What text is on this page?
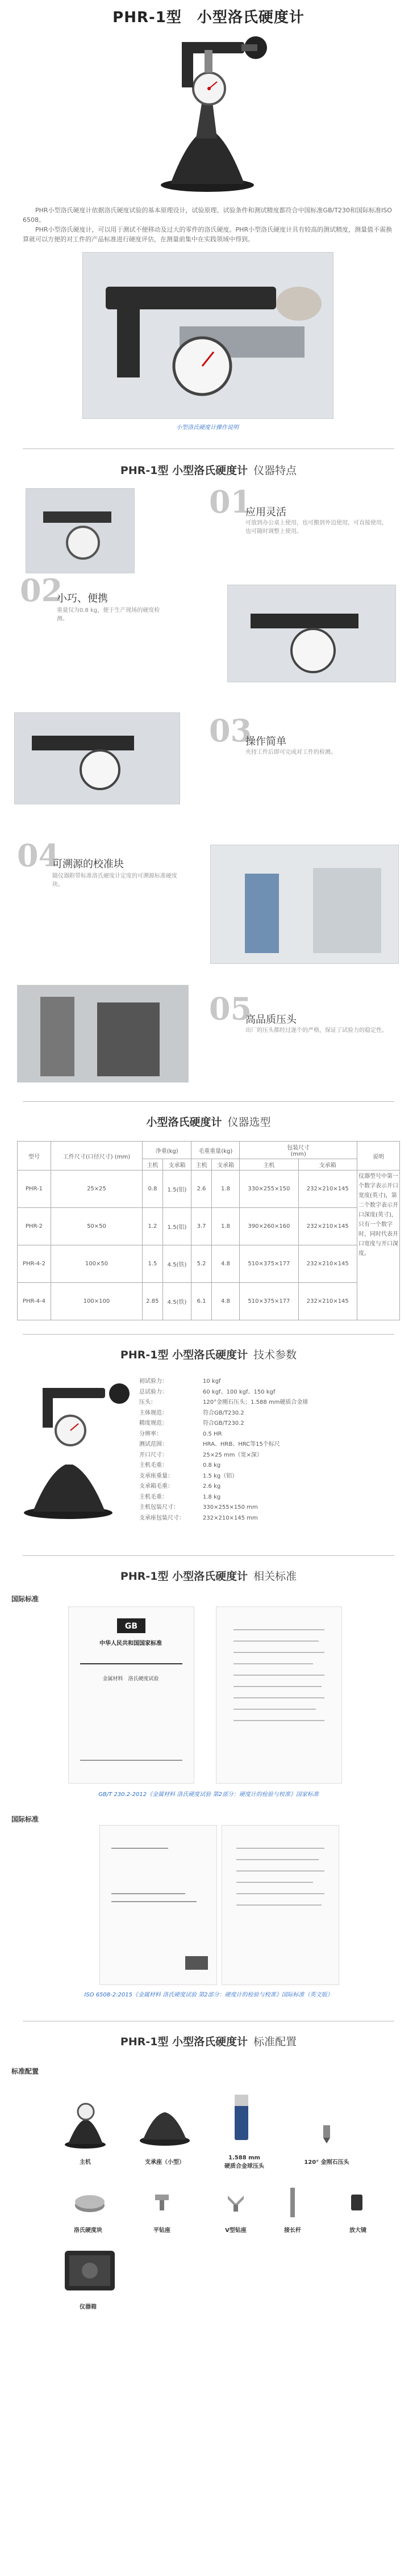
PHR-1型　小型洛氏硬度计

PHR小型洛氏硬度计依据洛氏硬度试验的基本原理设计，试验原理、试验条件和测试精度都符合中国标准GB/T230和国际标准ISO 6508。

PHR小型洛氏硬度计，可以用于测试不便移动及过大的零件的洛氏硬度。PHR小型洛氏硬度计具有较高的测试精度，测量值不需换算就可以方便的对工件的产品标准进行硬度评估，在测量前集中在实践领域中得到。

小型洛氏硬度计操作说明
PHR-1型 小型洛氏硬度计 仪器特点
01
应用灵活
可放到办公桌上使用，也可搬到外边使用，可直接使用，也可随时调整上使用。
02
小巧、便携
重量仅为0.8 kg，便于生产现场的硬度检测。
03
操作简单
夹持工件后即可完成对工件的检测。
04
可溯源的校准块
随仪器附带标准洛氏硬度计定度的可溯源标准硬度块。
05
高品质压头
出厂的压头都经过逐个的严格，保证了试验力的稳定性。
小型洛氏硬度计 仪器选型
型号	工件尺寸(口径尺寸) (mm)	净重(kg)		毛重重量(kg)		包装尺寸
(mm)		说明
		主机	支承箱	主机	支承箱	主机	支承箱	
PHR-1	25×25	0.8	1.5(铝)	2.6	1.8	330×255×150	232×210×145	仪器型号中第一个数字表示开口宽度(英寸)，第二个数字表示开口深度(英寸)，只有一个数字时，同时代表开口宽度与开口深度。
PHR-2	50×50	1.2	1.5(铝)	3.7	1.8	390×260×160	232×210×145	
PHR-4-2	100×50	1.5	4.5(铁)	5.2	4.8	510×375×177	232×210×145	
PHR-4-4	100×100	2.85	4.5(铁)	6.1	4.8	510×375×177	232×210×145	
PHR-1型 小型洛氏硬度计 技术参数
初试验力：	10 kgf
总试验力：	60 kgf、100 kgf、150 kgf
压头：	120°金刚石压头；1.588 mm硬质合金球
主体规范：	符合GB/T230.2
精度规范：	符合GB/T230.2
分辨率：	0.5 HR
测试范围：	HRA、HRB、HRC等15个标尺
开口尺寸：	25×25 mm（宽×深）
主机毛重：	0.8 kg
支承座重量：	1.5 kg（铝）
支承箱毛重：	2.6 kg
主机毛重：	1.8 kg
主机包装尺寸：	330×255×150 mm
支承座包装尺寸：	232×210×145 mm
PHR-1型 小型洛氏硬度计 相关标准
国际标准
GB
中华人民共和国国家标准
金属材料　洛氏硬度试验
GB/T 230.2-2012《金属材料 洛氏硬度试验 第2部分：硬度计的检验与校准》国家标准
国际标准
ISO 6508-2:2015《金属材料 洛氏硬度试验 第2部分：硬度计的检验与校准》国际标准（英文版）
PHR-1型 小型洛氏硬度计 标准配置
标准配置
主机	支承座（小型）
1.588 mm
硬质合金球压头
120° 金刚石压头
洛氏硬度块	平钻座	V型钻座	接长杆	放大镜
仪器箱
